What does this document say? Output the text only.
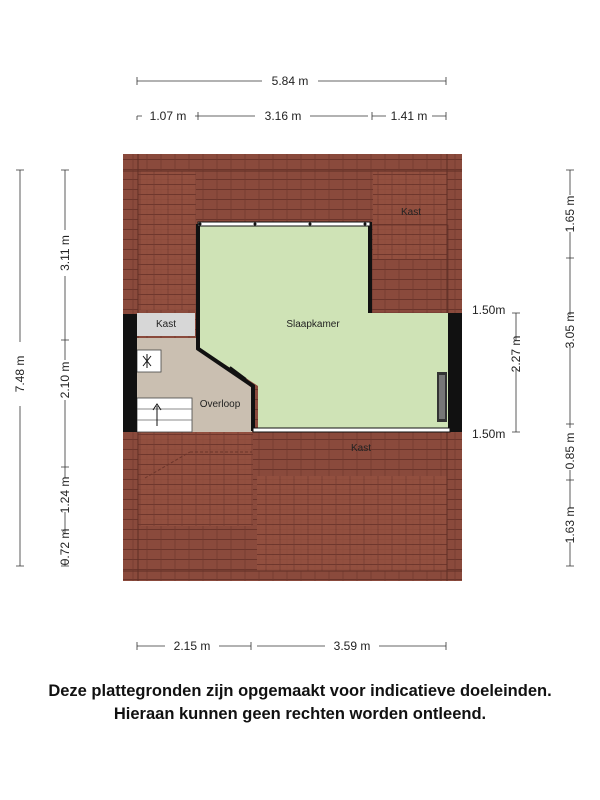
Slaapkamer
Overloop
Kast
Kast
Kast
5.84 m
1.07 m	3.16 m	1.41 m
2.15 m	3.59 m
7.48 m
3.11 m
2.10 m
1.24 m
0.72 m
1.65 m
3.05 m
0.85 m
1.63 m
2.27 m
1.50m
1.50m
Deze plattegronden zijn opgemaakt voor indicatieve doeleinden.
Hieraan kunnen geen rechten worden ontleend.
